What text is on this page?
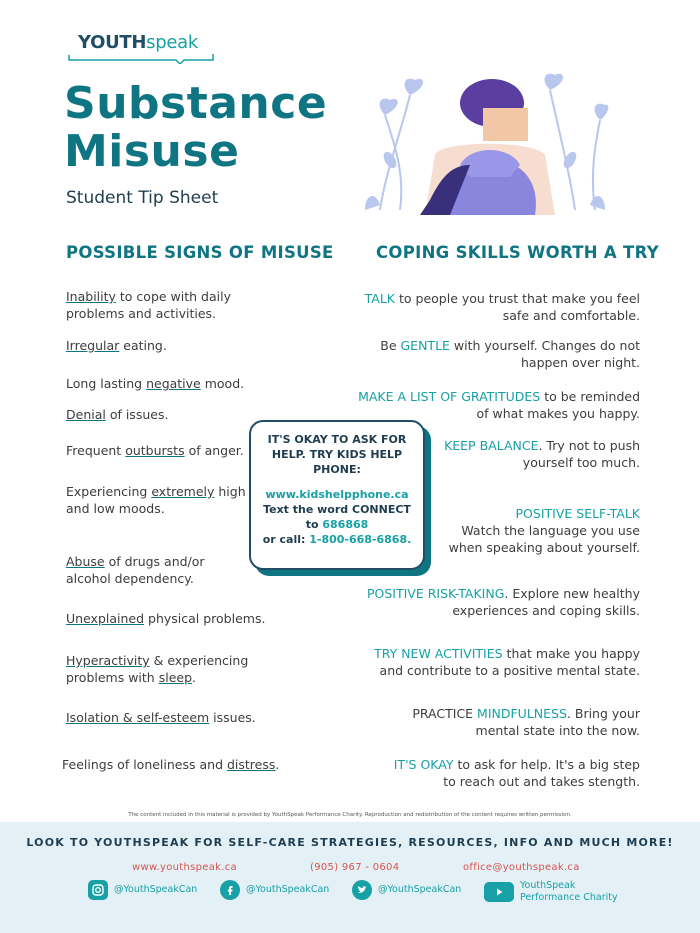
YOUTHspeak
Substance
Misuse
Student Tip Sheet
POSSIBLE SIGNS OF MISUSE	COPING SKILLS WORTH A TRY
Inability to cope with daily
problems and activities.
Irregular eating.
Long lasting negative mood.
Denial of issues.
Frequent outbursts of anger.
Experiencing extremely high
and low moods.
Abuse of drugs and/or
alcohol dependency.
Unexplained physical problems.
Hyperactivity & experiencing
problems with sleep.
Isolation & self-esteem issues.
Feelings of loneliness and distress.
TALK to people you trust that make you feel
safe and comfortable.
Be GENTLE with yourself. Changes do not
happen over night.
MAKE A LIST OF GRATITUDES to be reminded
of what makes you happy.
KEEP BALANCE. Try not to push
yourself too much.
POSITIVE SELF-TALK
Watch the language you use
when speaking about yourself.
POSITIVE RISK-TAKING. Explore new healthy
experiences and coping skills.
TRY NEW ACTIVITIES that make you happy
and contribute to a positive mental state.
PRACTICE MINDFULNESS. Bring your
mental state into the now.
IT'S OKAY to ask for help. It's a big step
to reach out and takes stength.
IT'S OKAY TO ASK FOR HELP. TRY KIDS HELP PHONE:
www.kidshelpphone.ca
Text the word CONNECT
to 686868
or call: 1-800-668-6868.
The content included in this material is provided by YouthSpeak Performance Charity. Reproduction and redistribution of the content requires written permission.
LOOK TO YOUTHSPEAK FOR SELF-CARE STRATEGIES, RESOURCES, INFO AND MUCH MORE!
www.youthspeak.ca	(905) 967 - 0604	office@youthspeak.ca
@YouthSpeakCan	@YouthSpeakCan	@YouthSpeakCan	YouthSpeak
Performance Charity
